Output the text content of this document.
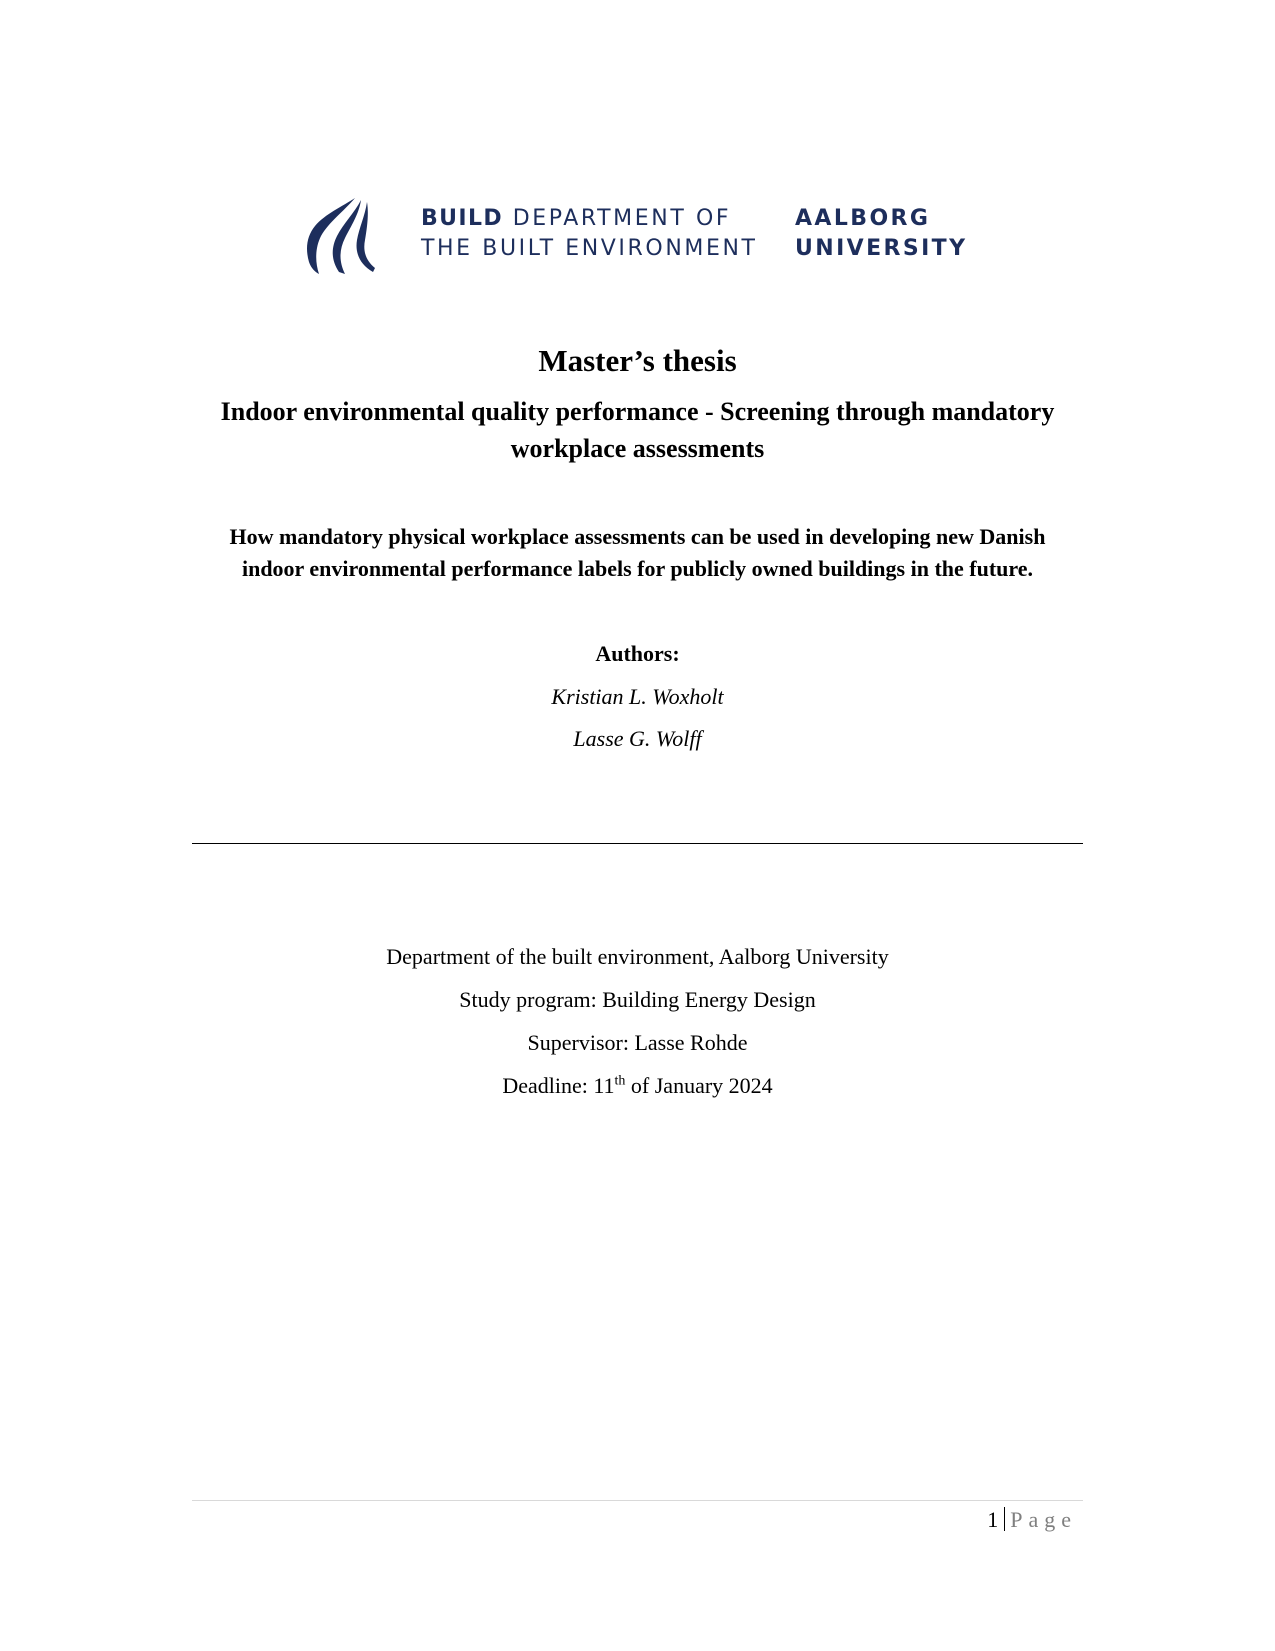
BUILD DEPARTMENT OF
THE BUILT ENVIRONMENT
AALBORG
UNIVERSITY
Master’s thesis
Indoor environmental quality performance - Screening through mandatory
workplace assessments
How mandatory physical workplace assessments can be used in developing new Danish
indoor environmental performance labels for publicly owned buildings in the future.
Authors:
Kristian L. Woxholt
Lasse G. Wolff
Department of the built environment, Aalborg University
Study program: Building Energy Design
Supervisor: Lasse Rohde
Deadline: 11th of January 2024
1 Page
